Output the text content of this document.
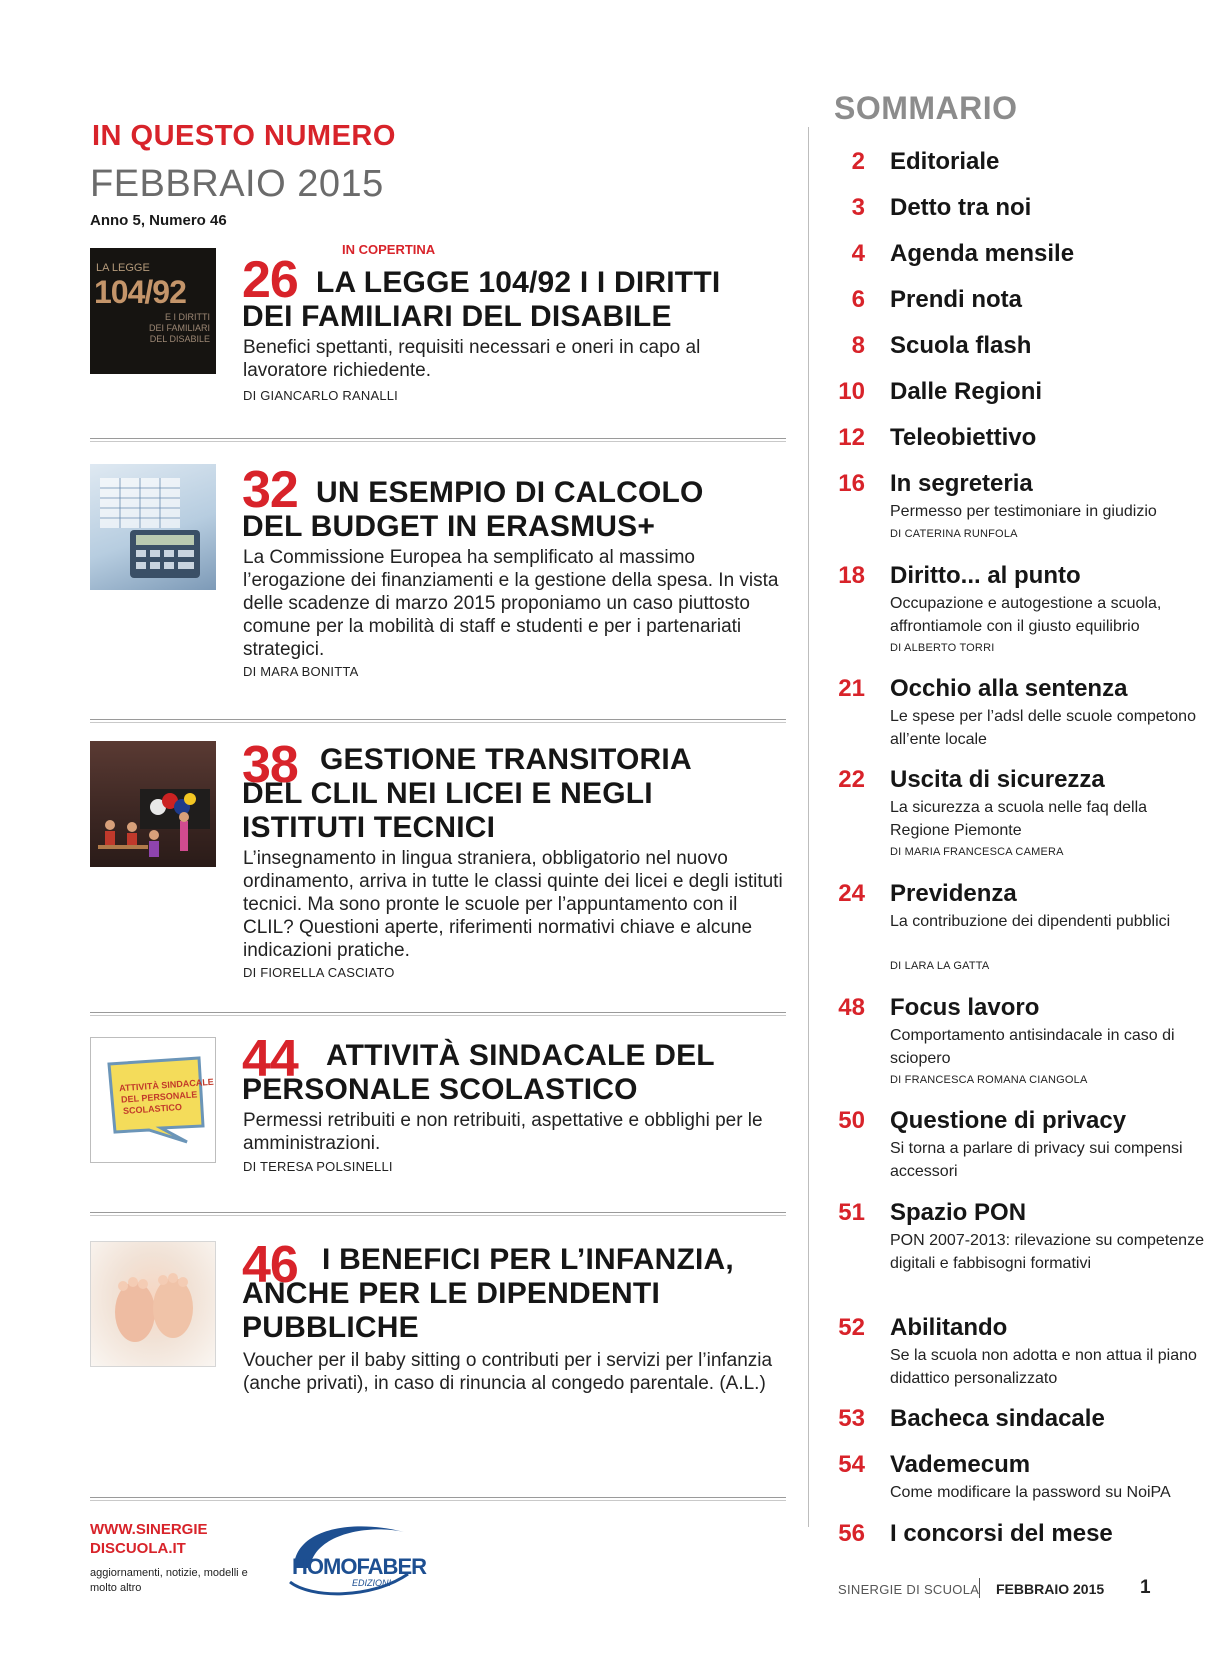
IN QUESTO NUMERO
FEBBRAIO 2015
Anno 5, Numero 46
LA LEGGE
104/92
E I DIRITTI
DEI FAMILIARI
DEL DISABILE
IN COPERTINA
26 LA LEGGE 104/92 I I DIRITTI
DEI FAMILIARI DEL DISABILE
Benefici spettanti, requisiti necessari e oneri in capo al lavoratore richiedente.
DI GIANCARLO RANALLI
32 UN ESEMPIO DI CALCOLO
DEL BUDGET IN ERASMUS+
La Commissione Europea ha semplificato al massimo l’erogazione dei finanziamenti e la gestione della spesa. In vista delle scadenze di marzo 2015 proponiamo un caso piuttosto comune per la mobilità di staff e studenti e per i partenariati strategici.
DI MARA BONITTA
38 GESTIONE TRANSITORIA
DEL CLIL NEI LICEI E NEGLI
ISTITUTI TECNICI
L’insegnamento in lingua straniera, obbligatorio nel nuovo ordinamento, arriva in tutte le classi quinte dei licei e degli istituti tecnici. Ma sono pronte le scuole per l’appuntamento con il CLIL? Questioni aperte, riferimenti normativi chiave e alcune indicazioni pratiche.
DI FIORELLA CASCIATO
ATTIVITÀ SINDACALE
DEL PERSONALE
SCOLASTICO
44 ATTIVITÀ SINDACALE DEL
PERSONALE SCOLASTICO
Permessi retribuiti e non retribuiti, aspettative e obblighi per le amministrazioni.
DI TERESA POLSINELLI
46 I BENEFICI PER L’INFANZIA,
ANCHE PER LE DIPENDENTI
PUBBLICHE
Voucher per il baby sitting o contributi per i servizi per l’infanzia (anche privati), in caso di rinuncia al congedo parentale. (A.L.)
SOMMARIO
2 Editoriale
3 Detto tra noi
4 Agenda mensile
6 Prendi nota
8 Scuola flash
10 Dalle Regioni
12 Teleobiettivo
16 In segreteria
Permesso per testimoniare in giudizio
DI CATERINA RUNFOLA
18 Diritto... al punto
Occupazione e autogestione a scuola, affrontiamole con il giusto equilibrio
DI ALBERTO TORRI
21 Occhio alla sentenza
Le spese per l’adsl delle scuole competono all’ente locale
22 Uscita di sicurezza
La sicurezza a scuola nelle faq della Regione Piemonte
DI MARIA FRANCESCA CAMERA
24 Previdenza
La contribuzione dei dipendenti pubblici
DI LARA LA GATTA
48 Focus lavoro
Comportamento antisindacale in caso di sciopero
DI FRANCESCA ROMANA CIANGOLA
50 Questione di privacy
Si torna a parlare di privacy sui compensi accessori
51 Spazio PON
PON 2007-2013: rilevazione su competenze digitali e fabbisogni formativi
52 Abilitando
Se la scuola non adotta e non attua il piano didattico personalizzato
53 Bacheca sindacale
54 Vademecum
Come modificare la password su NoiPA
56 I concorsi del mese
WWW.SINERGIE
DISCUOLA.IT
aggiornamenti, notizie, modelli e molto altro
HOMOFABER
EDIZIONI	SINERGIE DI SCUOLA FEBBRAIO 2015 1
